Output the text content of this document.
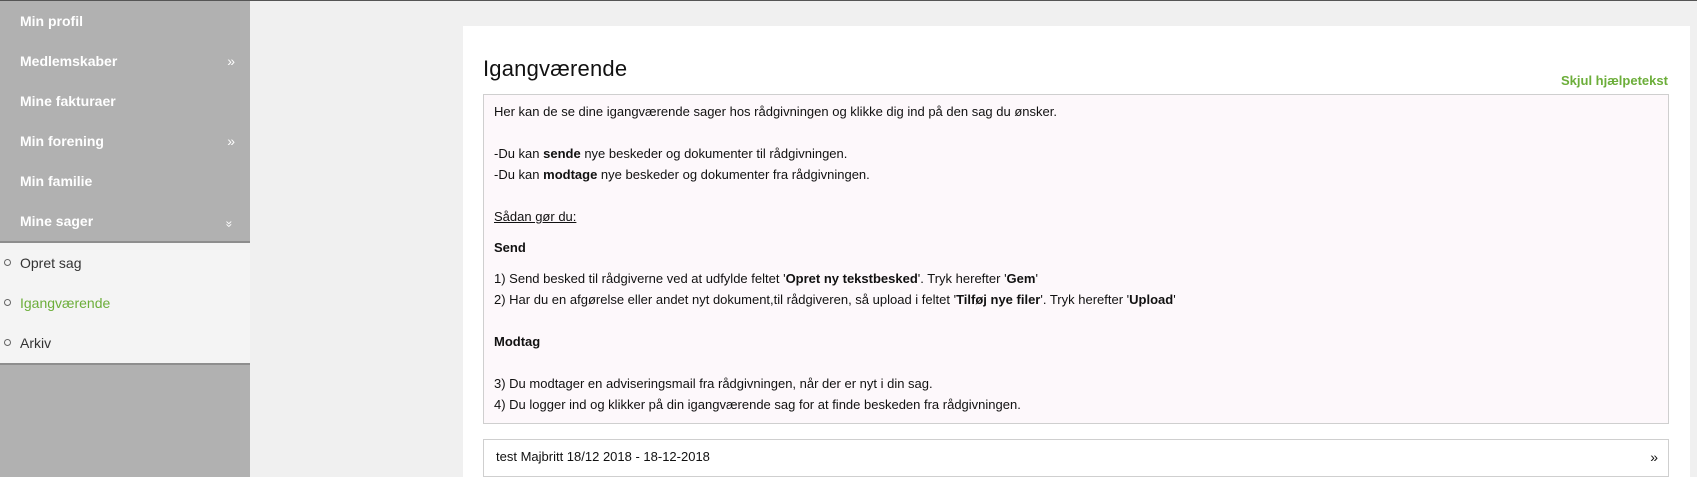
Min profil
Medlemskaber	»
Mine fakturaer
Min forening	»
Min familie
Mine sager	»
Opret sag
Igangværende
Arkiv
Igangværende	Skjul hjælpetekst

Her kan de se dine igangværende sager hos rådgivningen og klikke dig ind på den sag du ønsker.

-Du kan sende nye beskeder og dokumenter til rådgivningen.

-Du kan modtage nye beskeder og dokumenter fra rådgivningen.

Sådan gør du:

Send

1) Send besked til rådgiverne ved at udfylde feltet 'Opret ny tekstbesked'. Tryk herefter 'Gem'

2) Har du en afgørelse eller andet nyt dokument,til rådgiveren, så upload i feltet 'Tilføj nye filer'. Tryk herefter 'Upload'

Modtag

3) Du modtager en adviseringsmail fra rådgivningen, når der er nyt i din sag.

4) Du logger ind og klikker på din igangværende sag for at finde beskeden fra rådgivningen.

test Majbritt 18/12 2018 - 18-12-2018	»
